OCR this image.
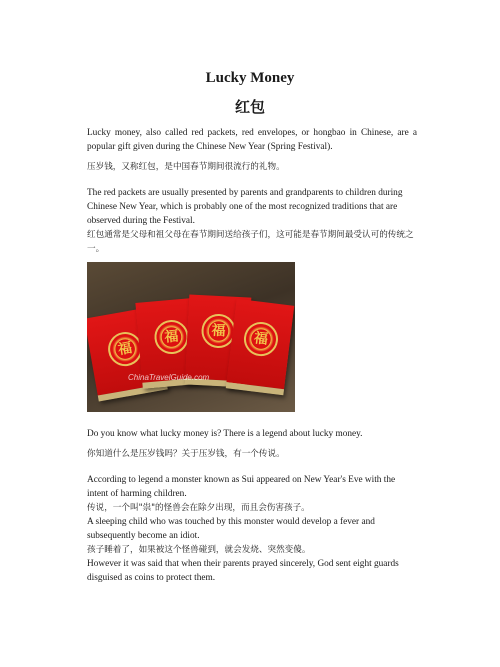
Lucky Money
红包

Lucky money, also called red packets, red envelopes, or hongbao in Chinese, are a popular gift given during the Chinese New Year (Spring Festival).

压岁钱，又称红包，是中国春节期间很流行的礼物。

The red packets are usually presented by parents and grandparents to children during Chinese New Year, which is probably one of the most recognized traditions that are observed during the Festival.

红包通常是父母和祖父母在春节期间送给孩子们，这可能是春节期间最受认可的传统之一。

福
福	福	福
ChinaTravelGuide.com

Do you know what lucky money is? There is a legend about lucky money.

你知道什么是压岁钱吗？关于压岁钱，有一个传说。

According to legend a monster known as Sui appeared on New Year's Eve with the intent of harming children.

传说，一个叫"祟"的怪兽会在除夕出现，而且会伤害孩子。

A sleeping child who was touched by this monster would develop a fever and subsequently become an idiot.

孩子睡着了，如果被这个怪兽碰到，就会发烧、突然变傻。

However it was said that when their parents prayed sincerely, God sent eight guards disguised as coins to protect them.
